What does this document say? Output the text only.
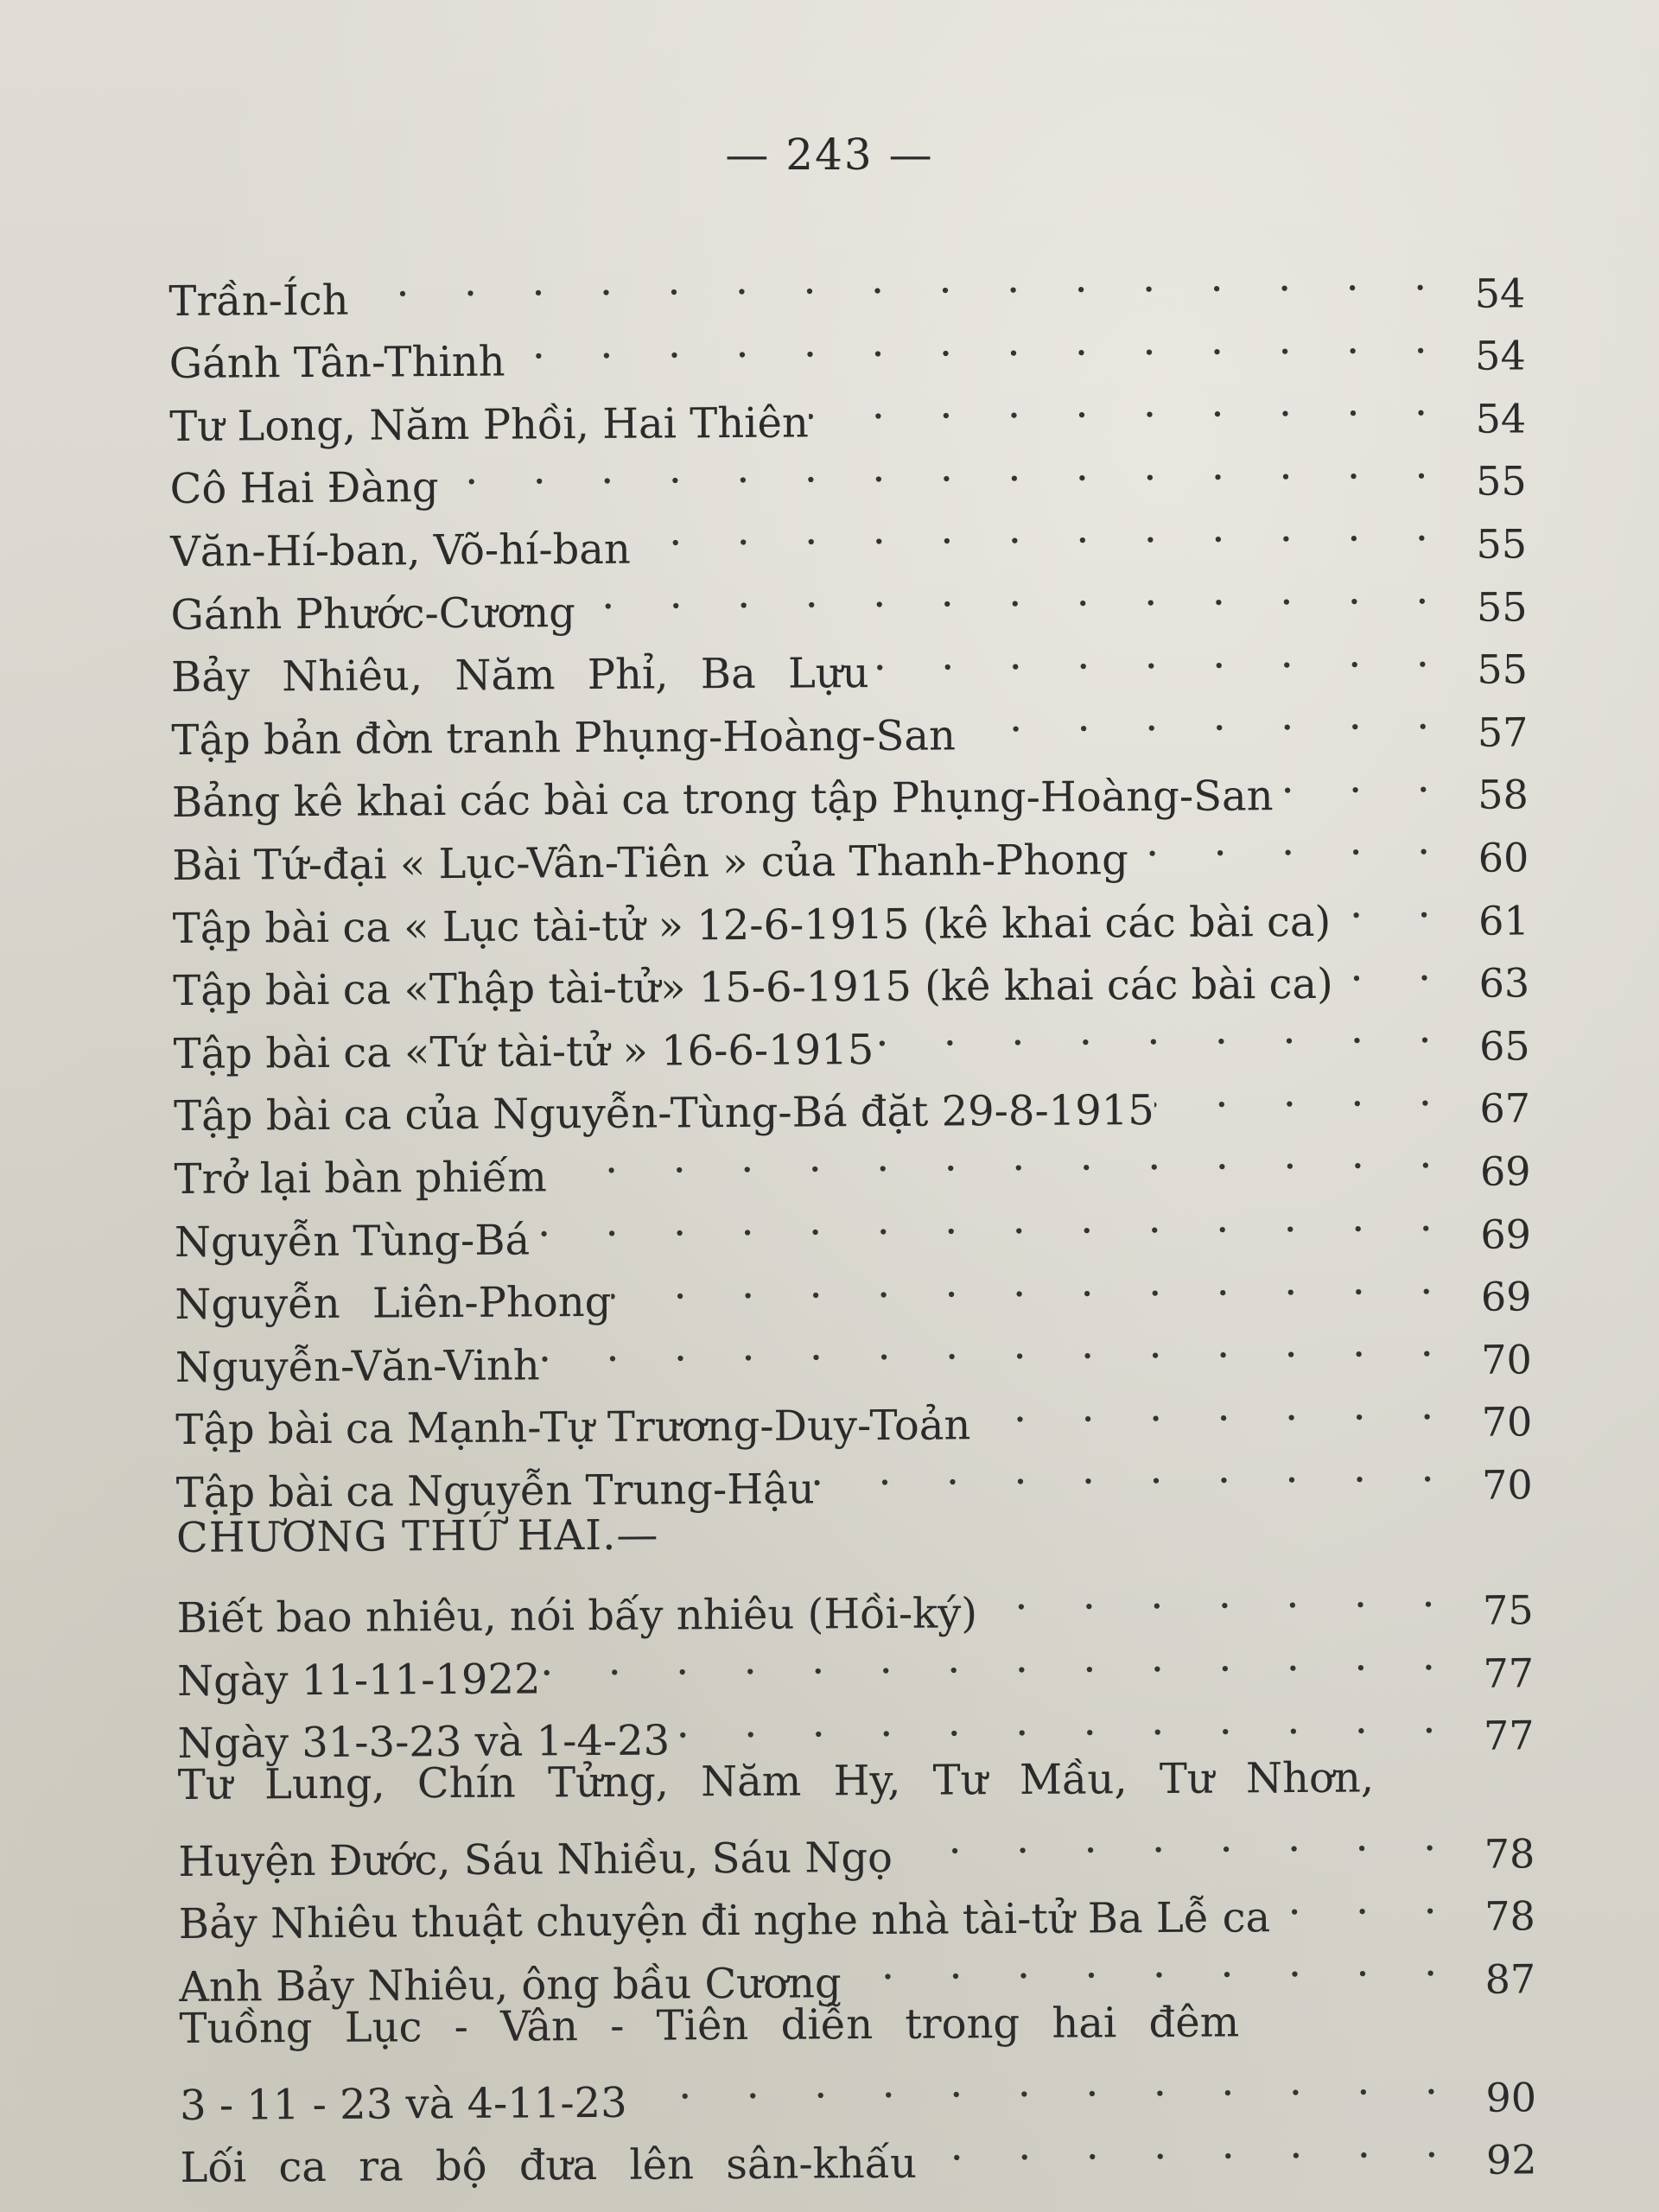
— 243 —
Trần-Ích . . .	54
Gánh Tân-Thinh . . .	54
Tư Long, Năm Phồi, Hai Thiên . . .	54
Cô Hai Đàng . . .	55
Văn-Hí-ban, Võ-hí-ban . . .	55
Gánh Phước-Cương . . .	55
Bảy Nhiêu, Năm Phỉ, Ba Lựu . . .	55
Tập bản đờn tranh Phụng-Hoàng-San . . .	57
Bảng kê khai các bài ca trong tập Phụng-Hoàng-San . . .	58
Bài Tứ-đại « Lục-Vân-Tiên » của Thanh-Phong . . .	60
Tập bài ca « Lục tài-tử » 12-6-1915 (kê khai các bài ca) . . .	61
Tập bài ca «Thập tài-tử» 15-6-1915 (kê khai các bài ca) . . .	63
Tập bài ca «Tứ tài-tử » 16-6-1915 . . .	65
Tập bài ca của Nguyễn-Tùng-Bá đặt 29-8-1915 . . .	67
Trở lại bàn phiếm . . .	69
Nguyễn Tùng-Bá . . .	69
Nguyễn Liên-Phong . . .	69
Nguyễn-Văn-Vinh . . .	70
Tập bài ca Mạnh-Tự Trương-Duy-Toản . . .	70
Tập bài ca Nguyễn Trung-Hậu . . .	70
CHƯƠNG THỨ HAI.—
Biết bao nhiêu, nói bấy nhiêu (Hồi-ký) . . .	75
Ngày 11-11-1922 . . .	77
Ngày 31-3-23 và 1-4-23 . . .	77
Tư Lung, Chín Tửng, Năm Hy, Tư Mầu, Tư Nhơn,
Huyện Đước, Sáu Nhiều, Sáu Ngọ . . .	78
Bảy Nhiêu thuật chuyện đi nghe nhà tài-tử Ba Lễ ca . . .	78
Anh Bảy Nhiêu, ông bầu Cương . . .	87
Tuồng Lục - Vân - Tiên diễn trong hai đêm
3 - 11 - 23 và 4-11-23 . . .	90
Lối ca ra bộ đưa lên sân-khấu . . .	92
